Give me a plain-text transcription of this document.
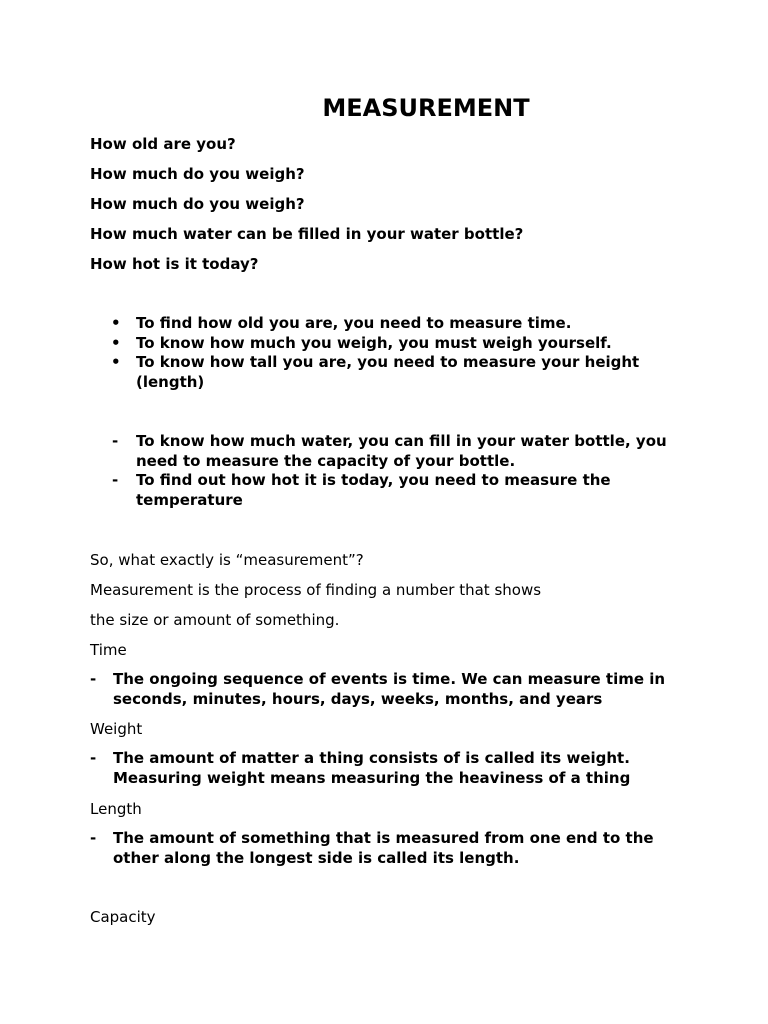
MEASUREMENT

How old are you?

How much do you weigh?

How much do you weigh?

How much water can be filled in your water bottle?

How hot is it today?

• To find how old you are, you need to measure time.

• To know how much you weigh, you must weigh yourself.

• To know how tall you are, you need to measure your height (length)

- To know how much water, you can fill in your water bottle, you need to measure the capacity of your bottle.

- To find out how hot it is today, you need to measure the temperature

So, what exactly is “measurement”?

Measurement is the process of finding a number that shows

the size or amount of something.

Time

- The ongoing sequence of events is time. We can measure time in seconds, minutes, hours, days, weeks, months, and years

Weight

- The amount of matter a thing consists of is called its weight. Measuring weight means measuring the heaviness of a thing

Length

- The amount of something that is measured from one end to the other along the longest side is called its length.

Capacity
